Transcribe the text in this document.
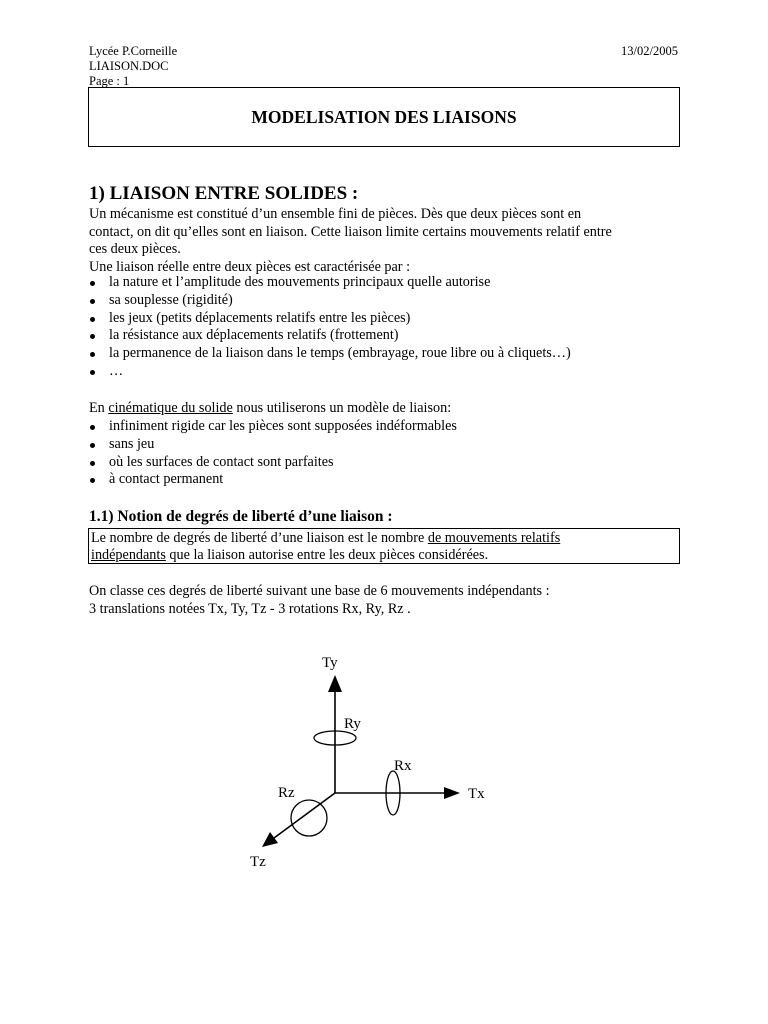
Lycée P.Corneille
LIAISON.DOC
Page : 1
13/02/2005
MODELISATION DES LIAISONS
1) LIAISON ENTRE SOLIDES :
Un mécanisme est constitué d’un ensemble fini de pièces. Dès que deux pièces sont en
contact, on dit qu’elles sont en liaison. Cette liaison limite certains mouvements relatif entre
ces deux pièces.
Une liaison réelle entre deux pièces est caractérisée par :
la nature et l’amplitude des mouvements principaux quelle autorise
sa souplesse (rigidité)
les jeux (petits déplacements relatifs entre les pièces)
la résistance aux déplacements relatifs (frottement)
la permanence de la liaison dans le temps (embrayage, roue libre ou à cliquets…)
…
En cinématique du solide nous utiliserons un modèle de liaison:
infiniment rigide car les pièces sont supposées indéformables
sans jeu
où les surfaces de contact sont parfaites
à contact permanent
1.1) Notion de degrés de liberté d’une liaison :
Le nombre de degrés de liberté d’une liaison est le nombre de mouvements relatifs
indépendants que la liaison autorise entre les deux pièces considérées.
On classe ces degrés de liberté suivant une base de 6 mouvements indépendants :
3 translations notées Tx, Ty, Tz - 3 rotations Rx, Ry, Rz .
Ty
Ry
Rx
Tx
Rz
Tz
